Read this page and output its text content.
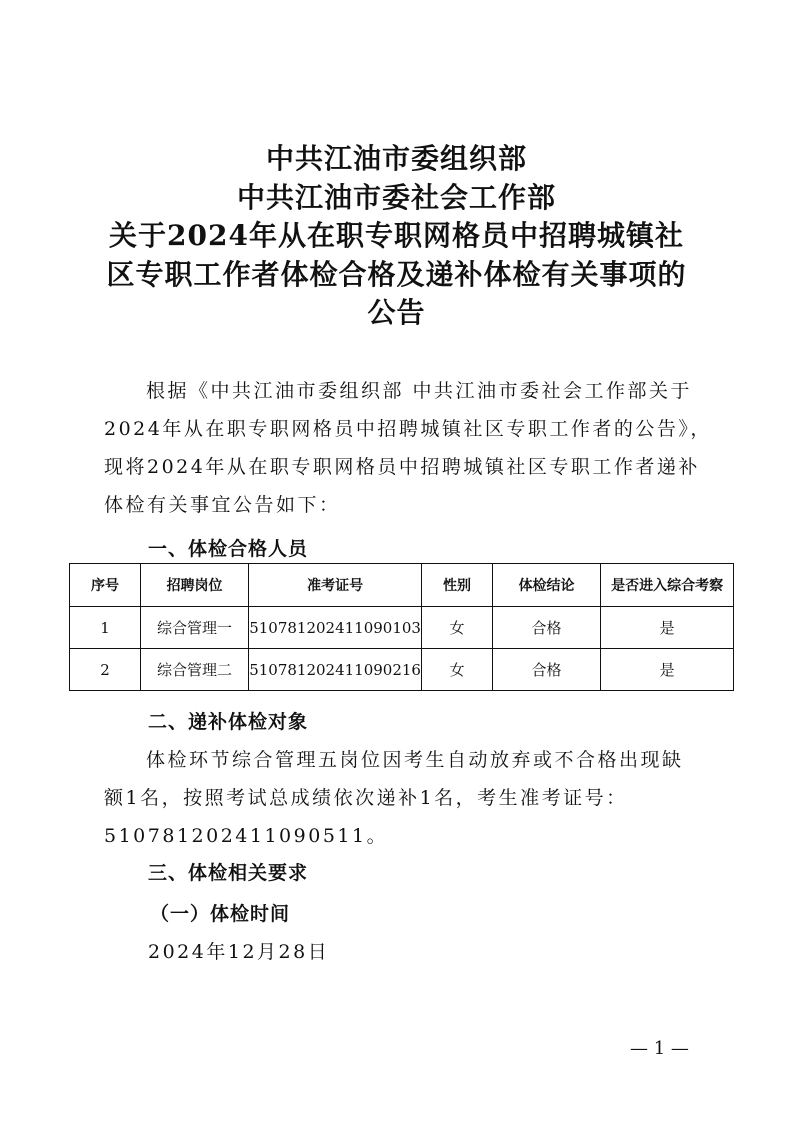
中共江油市委组织部
中共江油市委社会工作部
关于2024年从在职专职网格员中招聘城镇社
区专职工作者体检合格及递补体检有关事项的
公告
根据《中共江油市委组织部 中共江油市委社会工作部关于
2024年从在职专职网格员中招聘城镇社区专职工作者的公告》，
现将2024年从在职专职网格员中招聘城镇社区专职工作者递补
体检有关事宜公告如下：
一、体检合格人员
序号	招聘岗位	准考证号	性别	体检结论	是否进入综合考察
1	综合管理一	510781202411090103	女	合格	是
2	综合管理二	510781202411090216	女	合格	是
二、递补体检对象
体检环节综合管理五岗位因考生自动放弃或不合格出现缺
额1名，按照考试总成绩依次递补1名，考生准考证号：
510781202411090511。
三、体检相关要求
（一）体检时间
2024年12月28日
— 1 —
